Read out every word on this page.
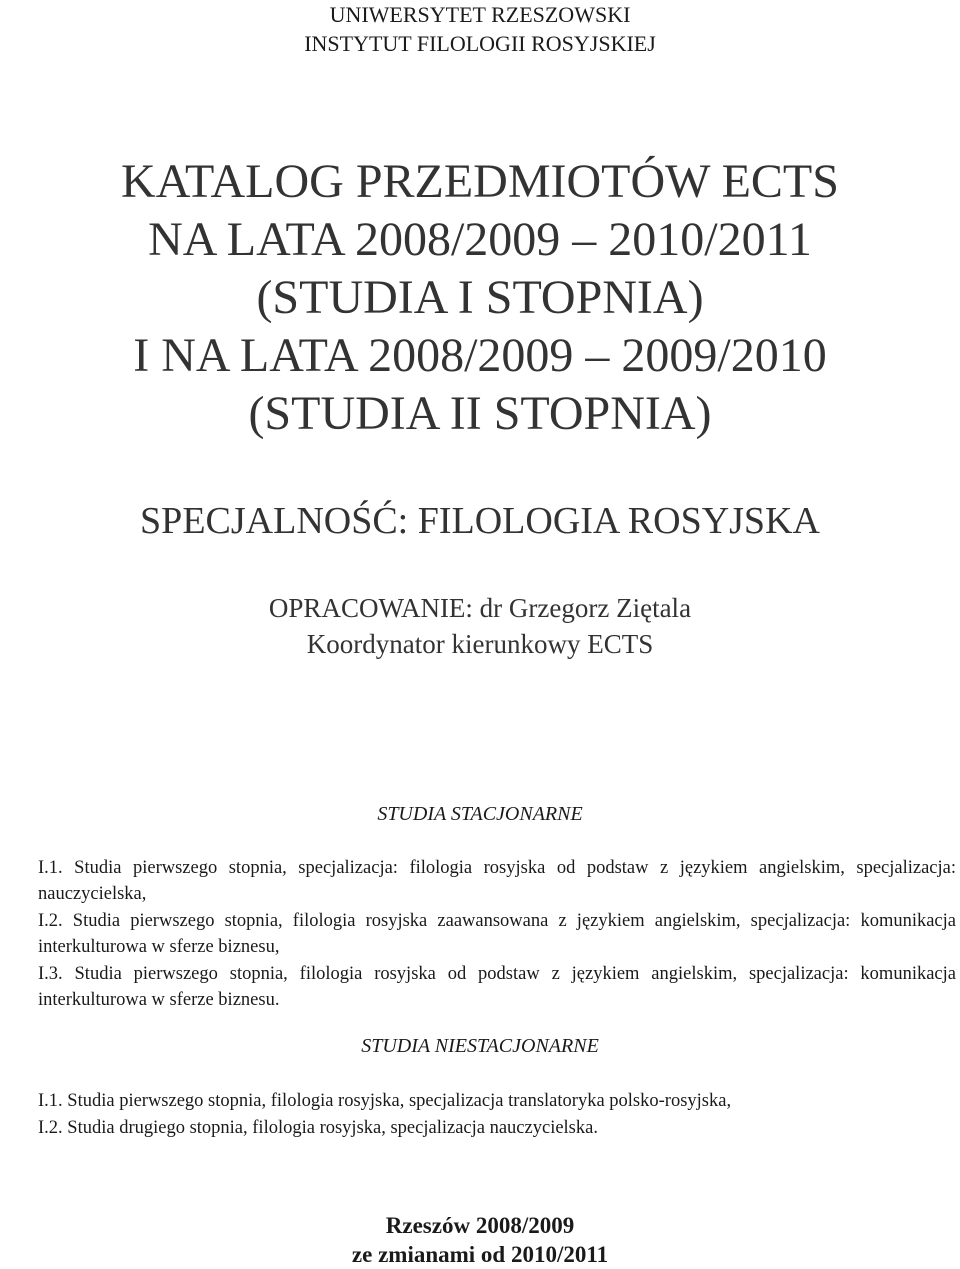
UNIWERSYTET RZESZOWSKI
INSTYTUT FILOLOGII ROSYJSKIEJ
KATALOG PRZEDMIOTÓW ECTS
NA LATA 2008/2009 – 2010/2011
(STUDIA I STOPNIA)
I NA LATA 2008/2009 – 2009/2010
(STUDIA II STOPNIA)
SPECJALNOŚĆ: FILOLOGIA ROSYJSKA
OPRACOWANIE: dr Grzegorz Ziętala
Koordynator kierunkowy ECTS
STUDIA STACJONARNE
I.1. Studia pierwszego stopnia, specjalizacja: filologia rosyjska od podstaw z językiem angielskim, specjalizacja: nauczycielska,
I.2. Studia pierwszego stopnia, filologia rosyjska zaawansowana z językiem angielskim, specjalizacja: komunikacja interkulturowa w sferze biznesu,
I.3. Studia pierwszego stopnia, filologia rosyjska od podstaw z językiem angielskim, specjalizacja: komunikacja interkulturowa w sferze biznesu.
STUDIA NIESTACJONARNE
I.1. Studia pierwszego stopnia, filologia rosyjska, specjalizacja translatoryka polsko-rosyjska,
I.2. Studia drugiego stopnia, filologia rosyjska, specjalizacja nauczycielska.
Rzeszów 2008/2009
ze zmianami od 2010/2011
